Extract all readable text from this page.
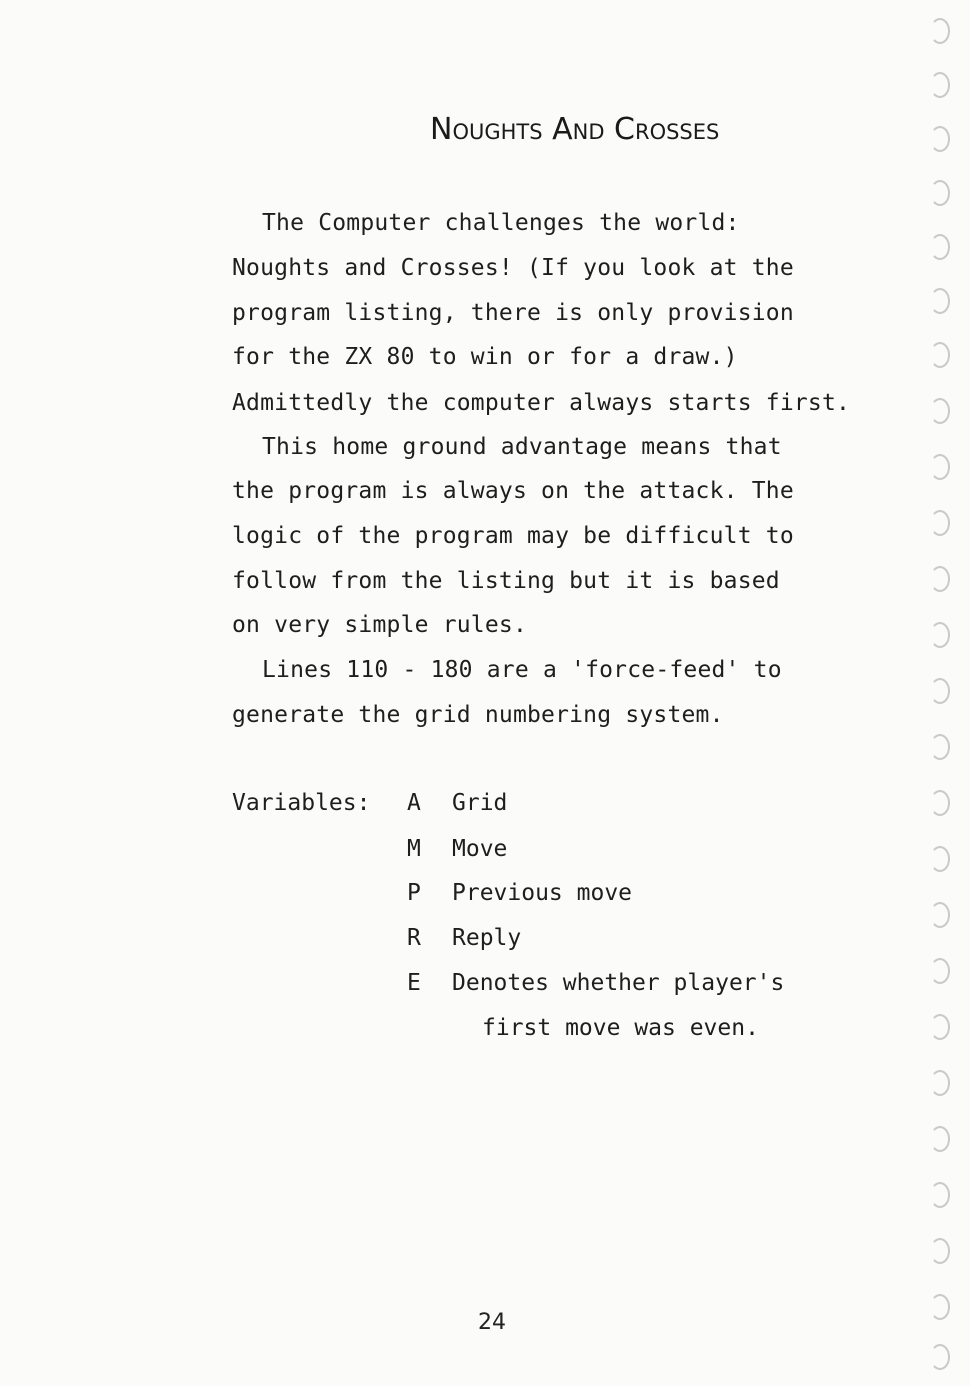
Noughts And Crosses
The Computer challenges the world:
Noughts and Crosses! (If you look at the
program listing, there is only provision
for the ZX 80 to win or for a draw.)
Admittedly the computer always starts first.
This home ground advantage means that
the program is always on the attack. The
logic of the program may be difficult to
follow from the listing but it is based
on very simple rules.
Lines 110 - 180 are a 'force-feed' to
generate the grid numbering system.
Variables: A Grid
M Move
P Previous move
R Reply
E Denotes whether player's
first move was even.
24
